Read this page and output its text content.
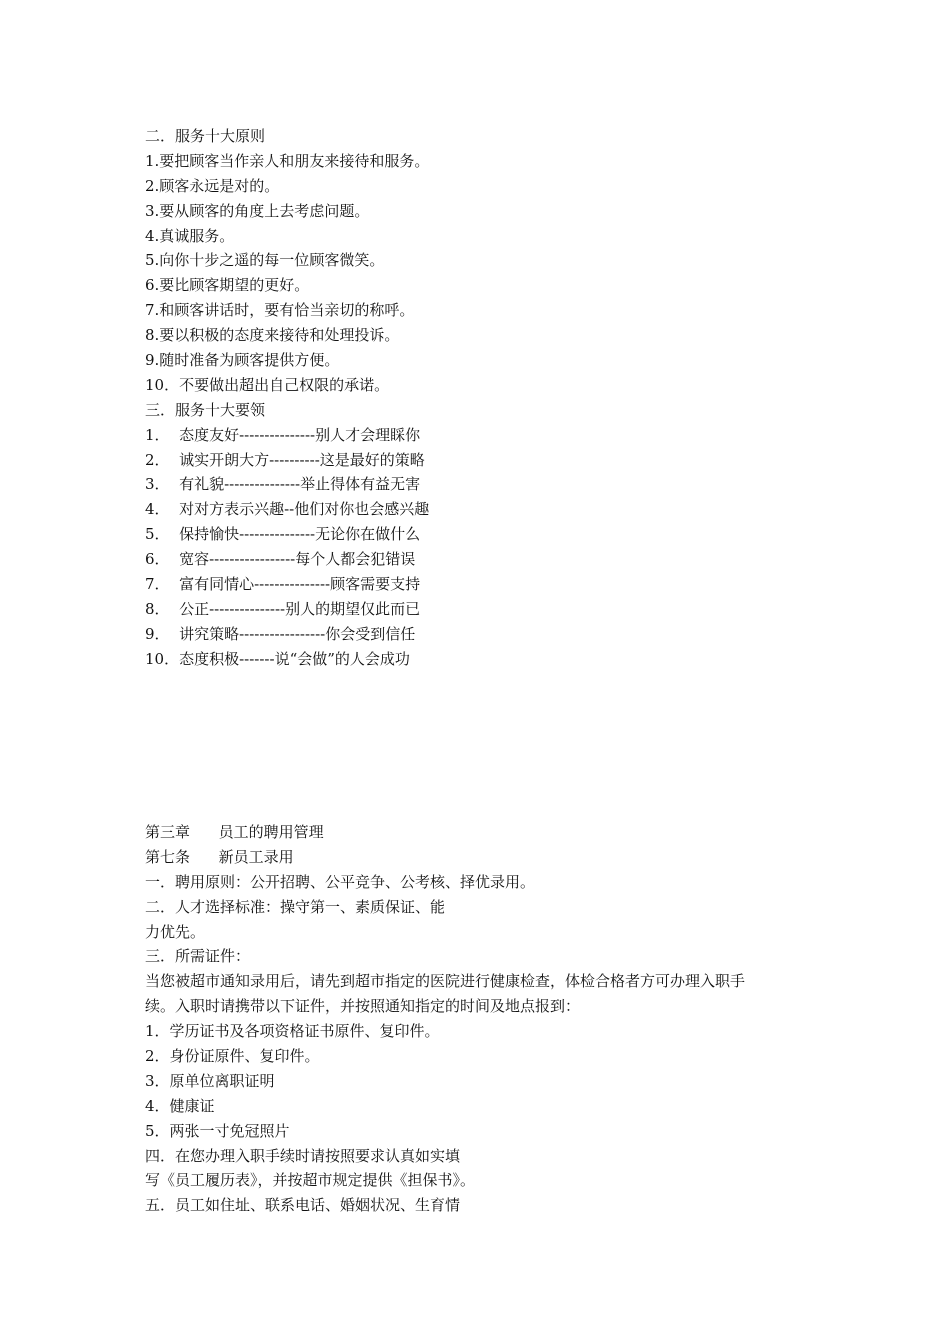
二．服务十大原则
1.要把顾客当作亲人和朋友来接待和服务。
2.顾客永远是对的。
3.要从顾客的角度上去考虑问题。
4.真诚服务。
5.向你十步之遥的每一位顾客微笑。
6.要比顾客期望的更好。
7.和顾客讲话时，要有恰当亲切的称呼。
8.要以积极的态度来接待和处理投诉。
9.随时准备为顾客提供方便。
10．不要做出超出自己权限的承诺。
三．服务十大要领
1．  态度友好---------------别人才会理睬你
2．  诚实开朗大方----------这是最好的策略
3．  有礼貌---------------举止得体有益无害
4．  对对方表示兴趣--他们对你也会感兴趣
5．  保持愉快---------------无论你在做什么
6．  宽容-----------------每个人都会犯错误
7．  富有同情心---------------顾客需要支持
8．  公正---------------别人的期望仅此而已
9．  讲究策略-----------------你会受到信任
10．态度积极-------说“会做”的人会成功
第三章      员工的聘用管理
第七条      新员工录用
一．聘用原则：公开招聘、公平竞争、公考核、择优录用。
二．人才选择标准：操守第一、素质保证、能
力优先。
三．所需证件：
当您被超市通知录用后，请先到超市指定的医院进行健康检查，体检合格者方可办理入职手
续。入职时请携带以下证件，并按照通知指定的时间及地点报到：
1．学历证书及各项资格证书原件、复印件。
2．身份证原件、复印件。
3．原单位离职证明
4．健康证
5．两张一寸免冠照片
四．在您办理入职手续时请按照要求认真如实填
写《员工履历表》，并按超市规定提供《担保书》。
五．员工如住址、联系电话、婚姻状况、生育情
